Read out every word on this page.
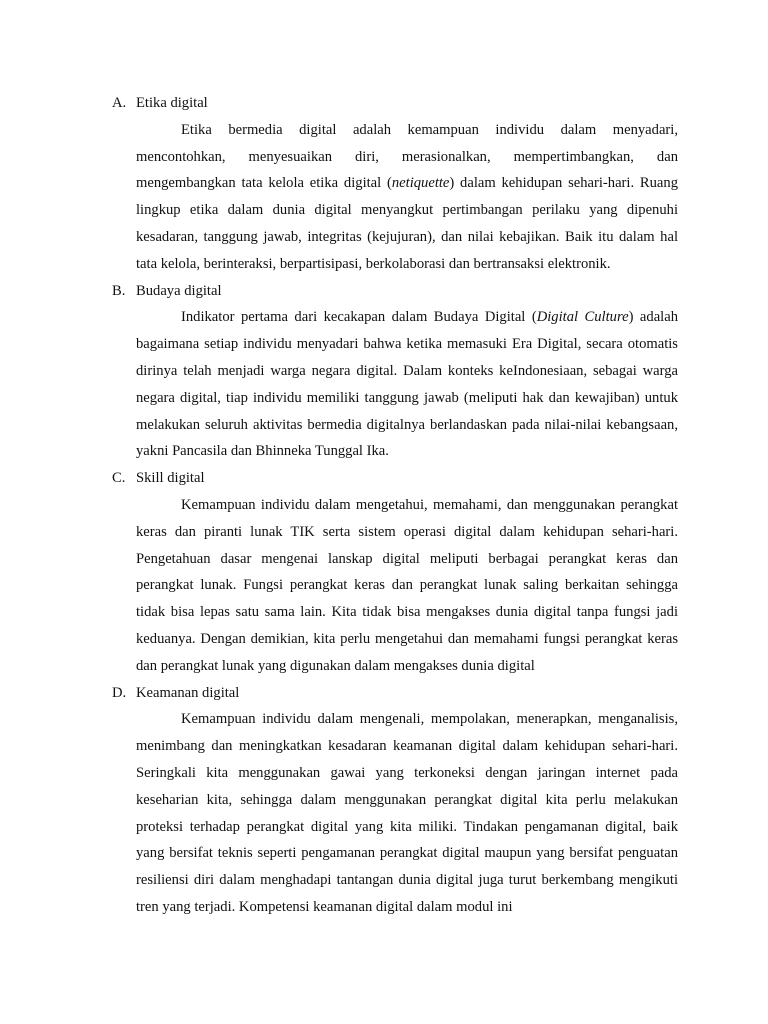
A. Etika digital

Etika bermedia digital adalah kemampuan individu dalam menyadari, mencontohkan, menyesuaikan diri, merasionalkan, mempertimbangkan, dan mengembangkan tata kelola etika digital (netiquette) dalam kehidupan sehari-hari. Ruang lingkup etika dalam dunia digital menyangkut pertimbangan perilaku yang dipenuhi kesadaran, tanggung jawab, integritas (kejujuran), dan nilai kebajikan. Baik itu dalam hal tata kelola, berinteraksi, berpartisipasi, berkolaborasi dan bertransaksi elektronik.

B. Budaya digital

Indikator pertama dari kecakapan dalam Budaya Digital (Digital Culture) adalah bagaimana setiap individu menyadari bahwa ketika memasuki Era Digital, secara otomatis dirinya telah menjadi warga negara digital. Dalam konteks keIndonesiaan, sebagai warga negara digital, tiap individu memiliki tanggung jawab (meliputi hak dan kewajiban) untuk melakukan seluruh aktivitas bermedia digitalnya berlandaskan pada nilai-nilai kebangsaan, yakni Pancasila dan Bhinneka Tunggal Ika.

C. Skill digital

Kemampuan individu dalam mengetahui, memahami, dan menggunakan perangkat keras dan piranti lunak TIK serta sistem operasi digital dalam kehidupan sehari-hari. Pengetahuan dasar mengenai lanskap digital meliputi berbagai perangkat keras dan perangkat lunak. Fungsi perangkat keras dan perangkat lunak saling berkaitan sehingga tidak bisa lepas satu sama lain. Kita tidak bisa mengakses dunia digital tanpa fungsi jadi keduanya. Dengan demikian, kita perlu mengetahui dan memahami fungsi perangkat keras dan perangkat lunak yang digunakan dalam mengakses dunia digital

D. Keamanan digital

Kemampuan individu dalam mengenali, mempolakan, menerapkan, menganalisis, menimbang dan meningkatkan kesadaran keamanan digital dalam kehidupan sehari-hari. Seringkali kita menggunakan gawai yang terkoneksi dengan jaringan internet pada keseharian kita, sehingga dalam menggunakan perangkat digital kita perlu melakukan proteksi terhadap perangkat digital yang kita miliki. Tindakan pengamanan digital, baik yang bersifat teknis seperti pengamanan perangkat digital maupun yang bersifat penguatan resiliensi diri dalam menghadapi tantangan dunia digital juga turut berkembang mengikuti tren yang terjadi. Kompetensi keamanan digital dalam modul ini
